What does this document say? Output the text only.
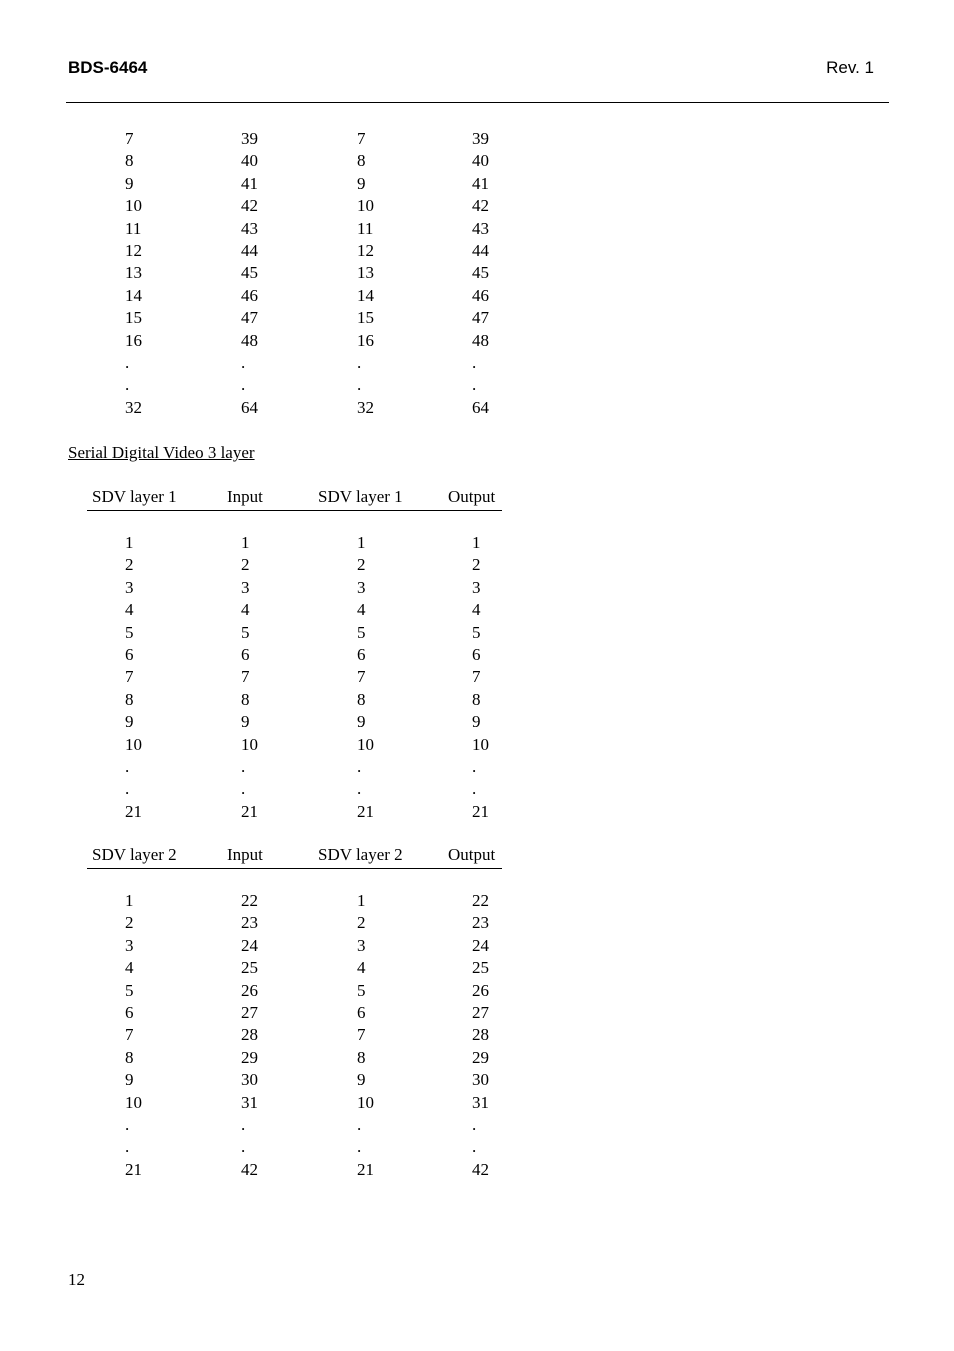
BDS-6464	Rev. 1
7	39	7	39
8	40	8	40
9	41	9	41
10	42	10	42
11	43	11	43
12	44	12	44
13	45	13	45
14	46	14	46
15	47	15	47
16	48	16	48
.	.	.	.
.	.	.	.
32	64	32	64
Serial Digital Video 3 layer
SDV layer 1	Input	SDV layer 1	Output
1	1	1	1
2	2	2	2
3	3	3	3
4	4	4	4
5	5	5	5
6	6	6	6
7	7	7	7
8	8	8	8
9	9	9	9
10	10	10	10
.	.	.	.
.	.	.	.
21	21	21	21
SDV layer 2	Input	SDV layer 2	Output
1	22	1	22
2	23	2	23
3	24	3	24
4	25	4	25
5	26	5	26
6	27	6	27
7	28	7	28
8	29	8	29
9	30	9	30
10	31	10	31
.	.	.	.
.	.	.	.
21	42	21	42
12
